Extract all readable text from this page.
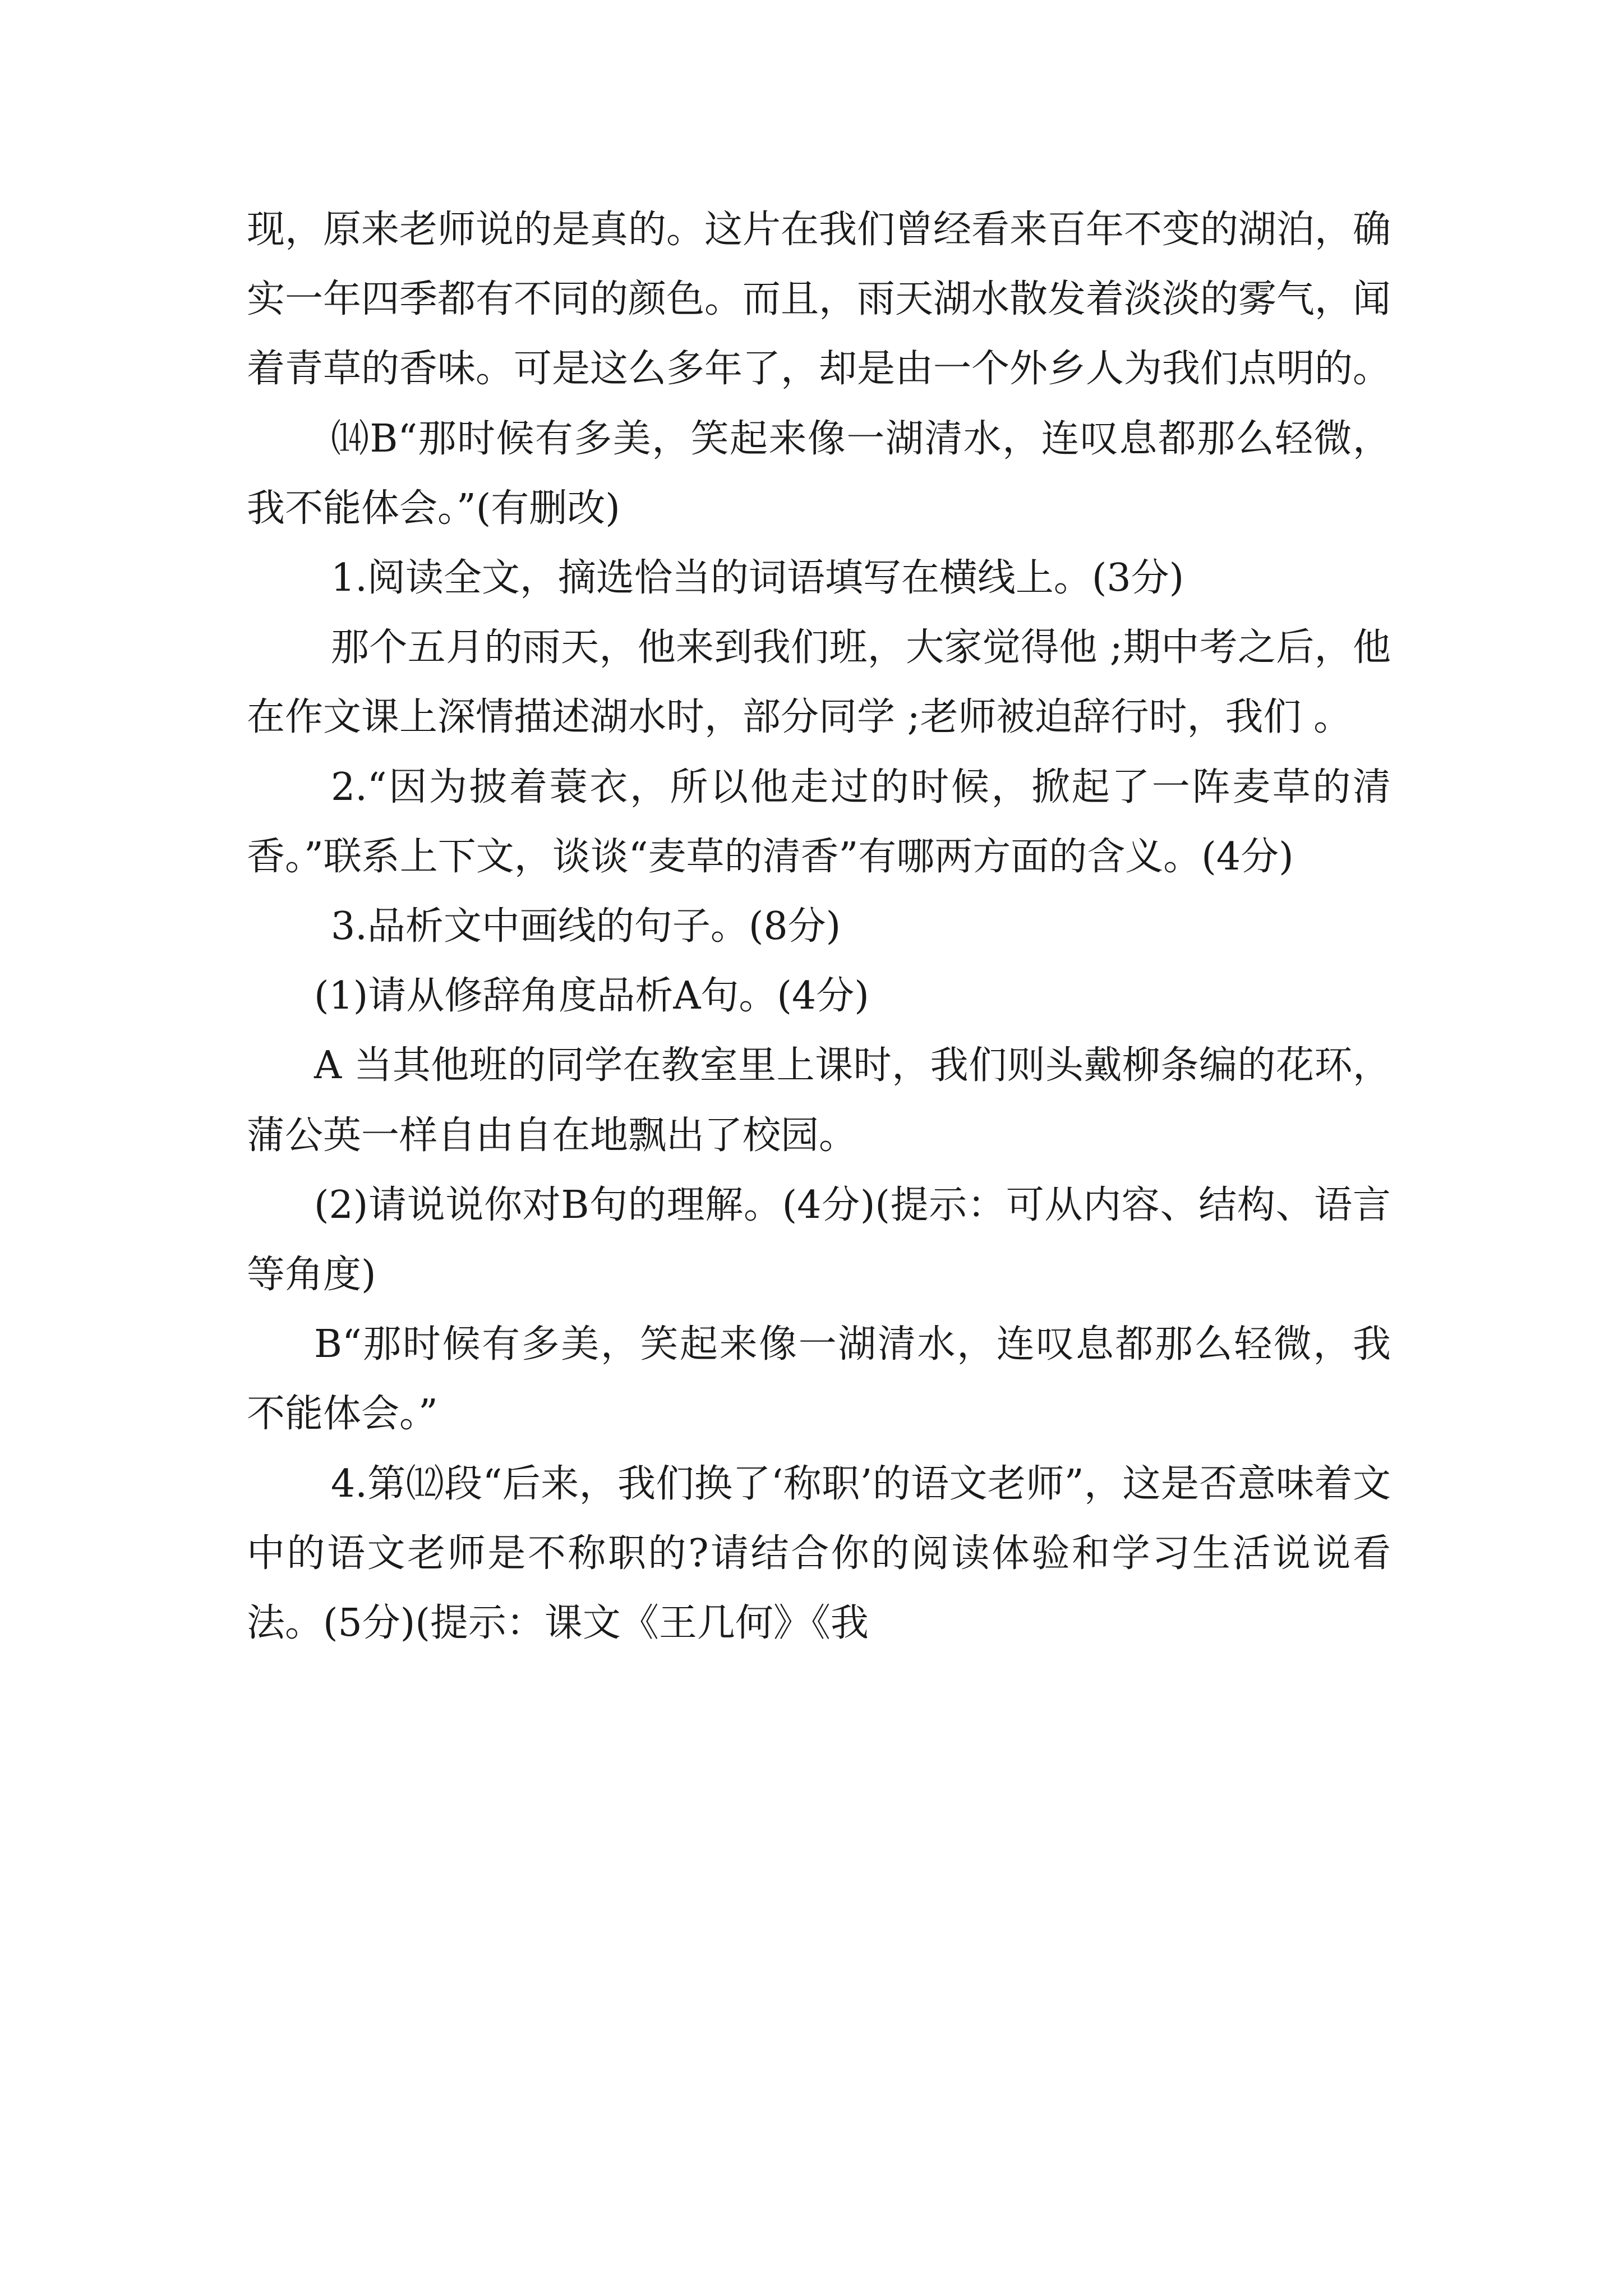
现，原来老师说的是真的。这片在我们曾经看来百年不变的湖泊，确实一年四季都有不同的颜色。而且，雨天湖水散发着淡淡的雾气，闻着青草的香味。可是这么多年了，却是由一个外乡人为我们点明的。

⒁B“那时候有多美，笑起来像一湖清水，连叹息都那么轻微，我不能体会。”(有删改)

1.阅读全文，摘选恰当的词语填写在横线上。(3分)

那个五月的雨天，他来到我们班，大家觉得他 ;期中考之后，他在作文课上深情描述湖水时，部分同学 ;老师被迫辞行时，我们 。

2.“因为披着蓑衣，所以他走过的时候，掀起了一阵麦草的清香。”联系上下文，谈谈“麦草的清香”有哪两方面的含义。(4分)

3.品析文中画线的句子。(8分)

(1)请从修辞角度品析A句。(4分)

A 当其他班的同学在教室里上课时，我们则头戴柳条编的花环，蒲公英一样自由自在地飘出了校园。

(2)请说说你对B句的理解。(4分)(提示：可从内容、结构、语言等角度)

B“那时候有多美，笑起来像一湖清水，连叹息都那么轻微，我不能体会。”

4.第⑿段“后来，我们换了‘称职’的语文老师”，这是否意味着文中的语文老师是不称职的?请结合你的阅读体验和学习生活说说看法。(5分)(提示：课文《王几何》《我
